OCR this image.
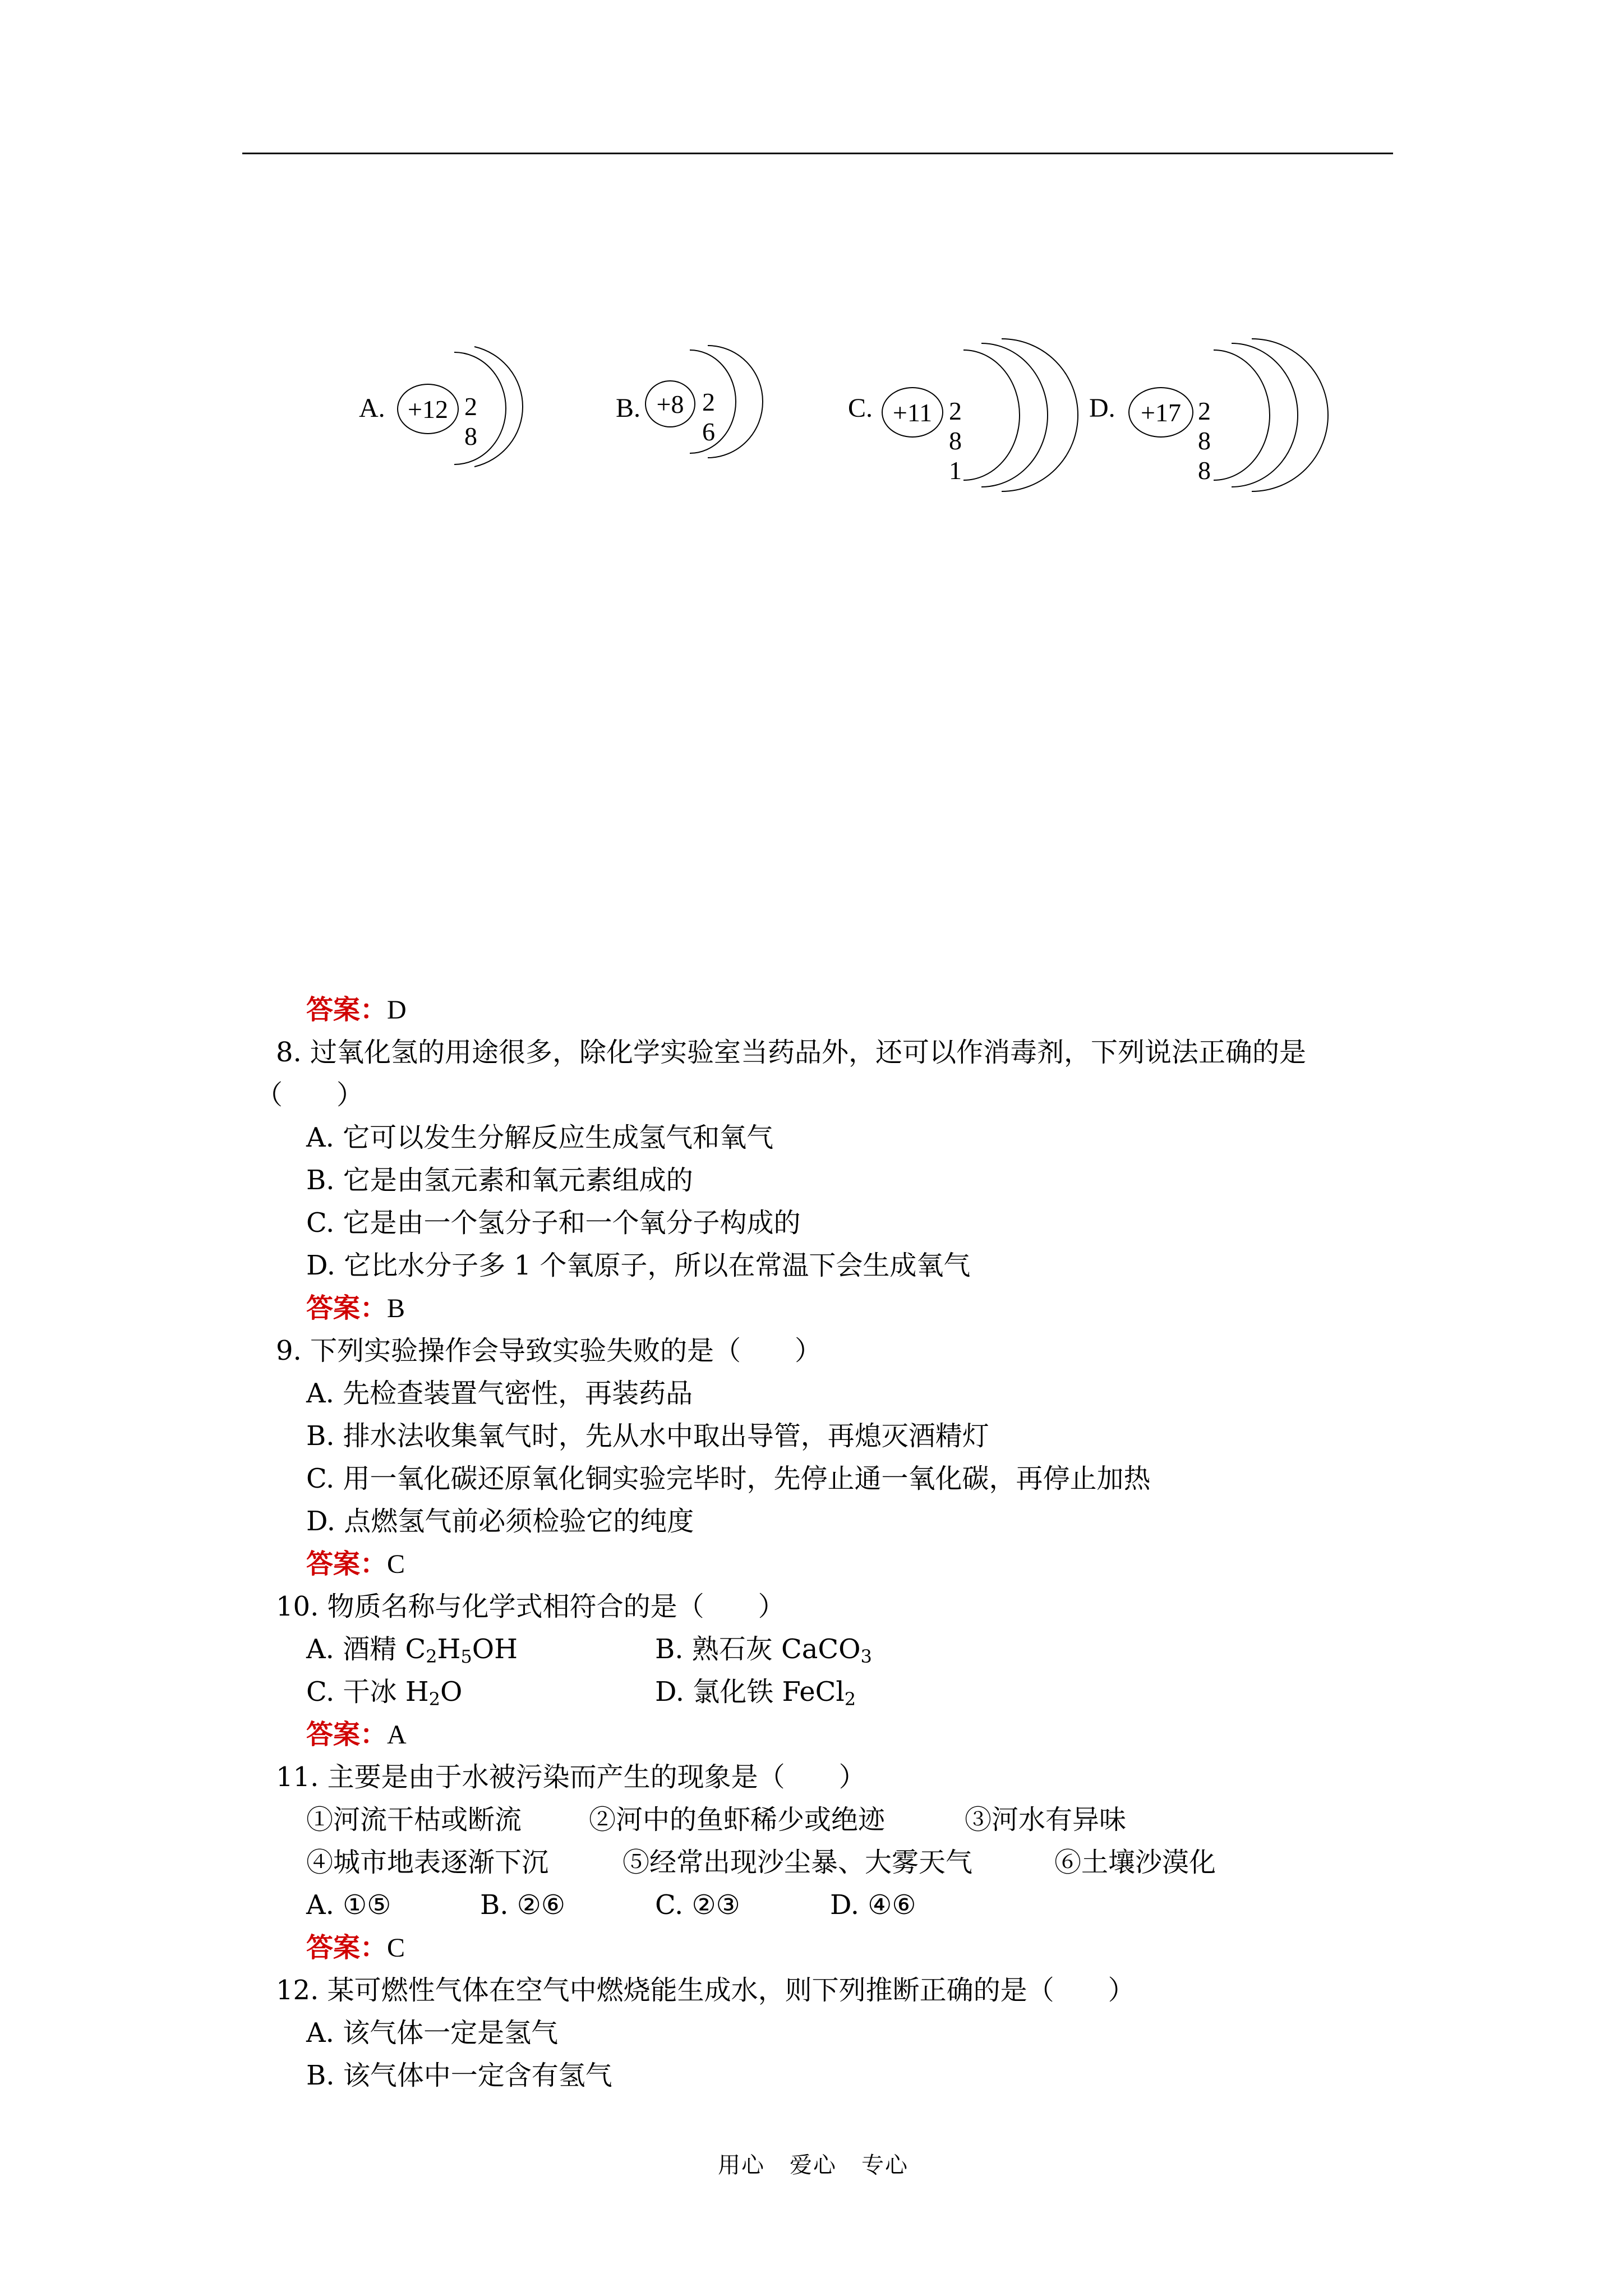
A. +12 2 8
B. +8 2 6
C. +11 2 8 1
D. +17 2 8 8
答案：D
8. 过氧化氢的用途很多，除化学实验室当药品外，还可以作消毒剂，下列说法正确的是
（　　）
A. 它可以发生分解反应生成氢气和氧气
B. 它是由氢元素和氧元素组成的
C. 它是由一个氢分子和一个氧分子构成的
D. 它比水分子多 1 个氧原子，所以在常温下会生成氧气
答案：B
9. 下列实验操作会导致实验失败的是（　　）
A. 先检查装置气密性，再装药品
B. 排水法收集氧气时，先从水中取出导管，再熄灭酒精灯
C. 用一氧化碳还原氧化铜实验完毕时，先停止通一氧化碳，再停止加热
D. 点燃氢气前必须检验它的纯度
答案：C
10. 物质名称与化学式相符合的是（　　）
A. 酒精 $C_2H_5OH$	B. 熟石灰 CaCO$_3$
C. 干冰 $H_2O$	D. 氯化铁 FeCl$_2$
答案：A
11. 主要是由于水被污染而产生的现象是（　　）
①河流干枯或断流 ②河中的鱼虾稀少或绝迹	③河水有异味
④城市地表逐渐下沉	⑤经常出现沙尘暴、大雾天气	⑥土壤沙漠化
A. ①⑤	B. ②⑥	C. ②③	D. ④⑥
答案：C
12. 某可燃性气体在空气中燃烧能生成水，则下列推断正确的是（　　）
A. 该气体一定是氢气
B. 该气体中一定含有氢气
用心 爱心 专心
